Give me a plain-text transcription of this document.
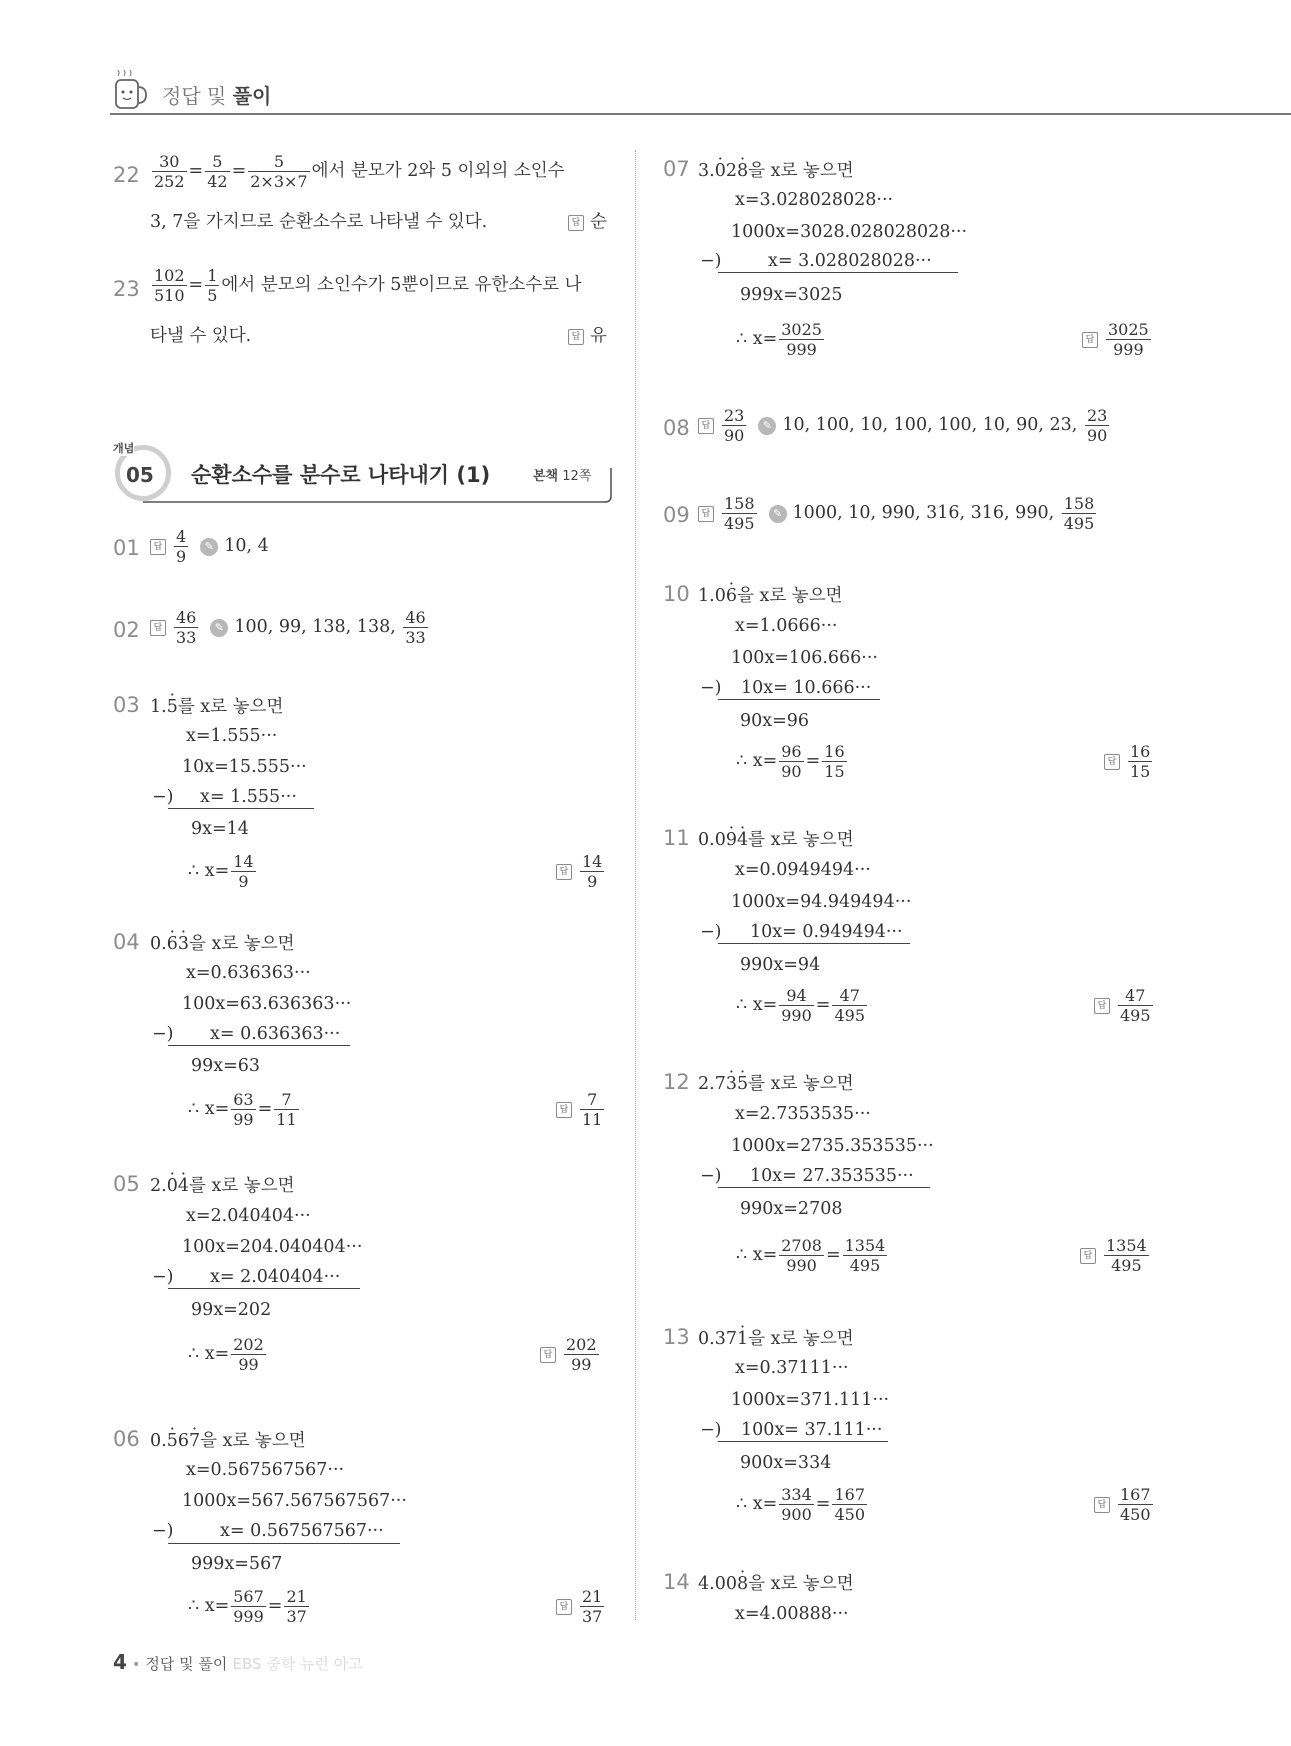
정답 및 풀이
$22 \frac{30}{252} = \frac{5}{42} = \frac{5}{2\times 3\times 7}$ 에서 분모가 2와 5 이외의 소인수
3, 7을 가지므로 순환소수로 나타낼 수 있다.	답 순
$23 \frac{102}{510} = \frac{1}{5}$ 에서 분모의 소인수가 5뿐이므로 유한소수로 나
타낼 수 있다.	답 유
05
개념
순환소수를 분수로 나타내기 (1)	본책 12쪽
01	답 $\frac{4}{9}$ ✎ 10, 4
02	답 $\frac{46}{33}$ ✎ 100, 99, 138, 138, $\frac{46}{33}$
03 1.· 5를 x로 놓으면
x=1.555···
10x=15.555···
−) x= 1.555···
9x=14
∴ $x= \frac{14}{9}$	답 $\frac{14}{9}$
04 0.· 6· 3을 x로 놓으면
x=0.636363···
100x=63.636363···
−) x= 0.636363···
99x=63
∴ $x= \frac{63}{99} = \frac{7}{11}$	답 $\frac{7}{11}$
05 2.· 0· 4를 x로 놓으면
x=2.040404···
100x=204.040404···
−) x= 2.040404···
99x=202
∴ $x= \frac{202}{99}$	답 $\frac{202}{99}$
06 0.· 56· 7을 x로 놓으면
x=0.567567567···
1000x=567.567567567···
−)	x= 0.567567567···
999x=567
∴ $x= \frac{567}{999} = \frac{21}{37}$	답 $\frac{21}{37}$
07 3.· 02· 8을 x로 놓으면
x=3.028028028···
1000x=3028.028028028···
−)	x= 3.028028028···
999x=3025
∴ $x= \frac{3025}{999}$	답 $\frac{3025}{999}$
08	답 $\frac{23}{90}$ ✎ 10, 100, 10, 100, 100, 10, 90, 23, $\frac{23}{90}$
09	답 $\frac{158}{495}$ ✎ 1000, 10, 990, 316, 316, 990, $\frac{158}{495}$
10 1.0· 6을 x로 놓으면
x=1.0666···
100x=106.666···
−) 10x= 10.666···
90x=96
∴ $x= \frac{96}{90} = \frac{16}{15}$	답 $\frac{16}{15}$
11 0.0· 9· 4를 x로 놓으면
x=0.0949494···
1000x=94.949494···
−) 10x= 0.949494···
990x=94
∴ $x= \frac{94}{990} = \frac{47}{495}$	답 $\frac{47}{495}$
12 2.7· 3· 5를 x로 놓으면
x=2.7353535···
1000x=2735.353535···
−) 10x= 27.353535···
990x=2708
∴ $x= \frac{2708}{990} = \frac{1354}{495}$	답 $\frac{1354}{495}$
13 0.37· 1을 x로 놓으면
x=0.37111···
1000x=371.111···
−) 100x= 37.111···
900x=334
∴ $x= \frac{334}{900} = \frac{167}{450}$	답 $\frac{167}{450}$
14 4.00· 8을 x로 놓으면
x=4.00888···
4 • 정답 및 풀이 EBS 중학 뉴런 아고
